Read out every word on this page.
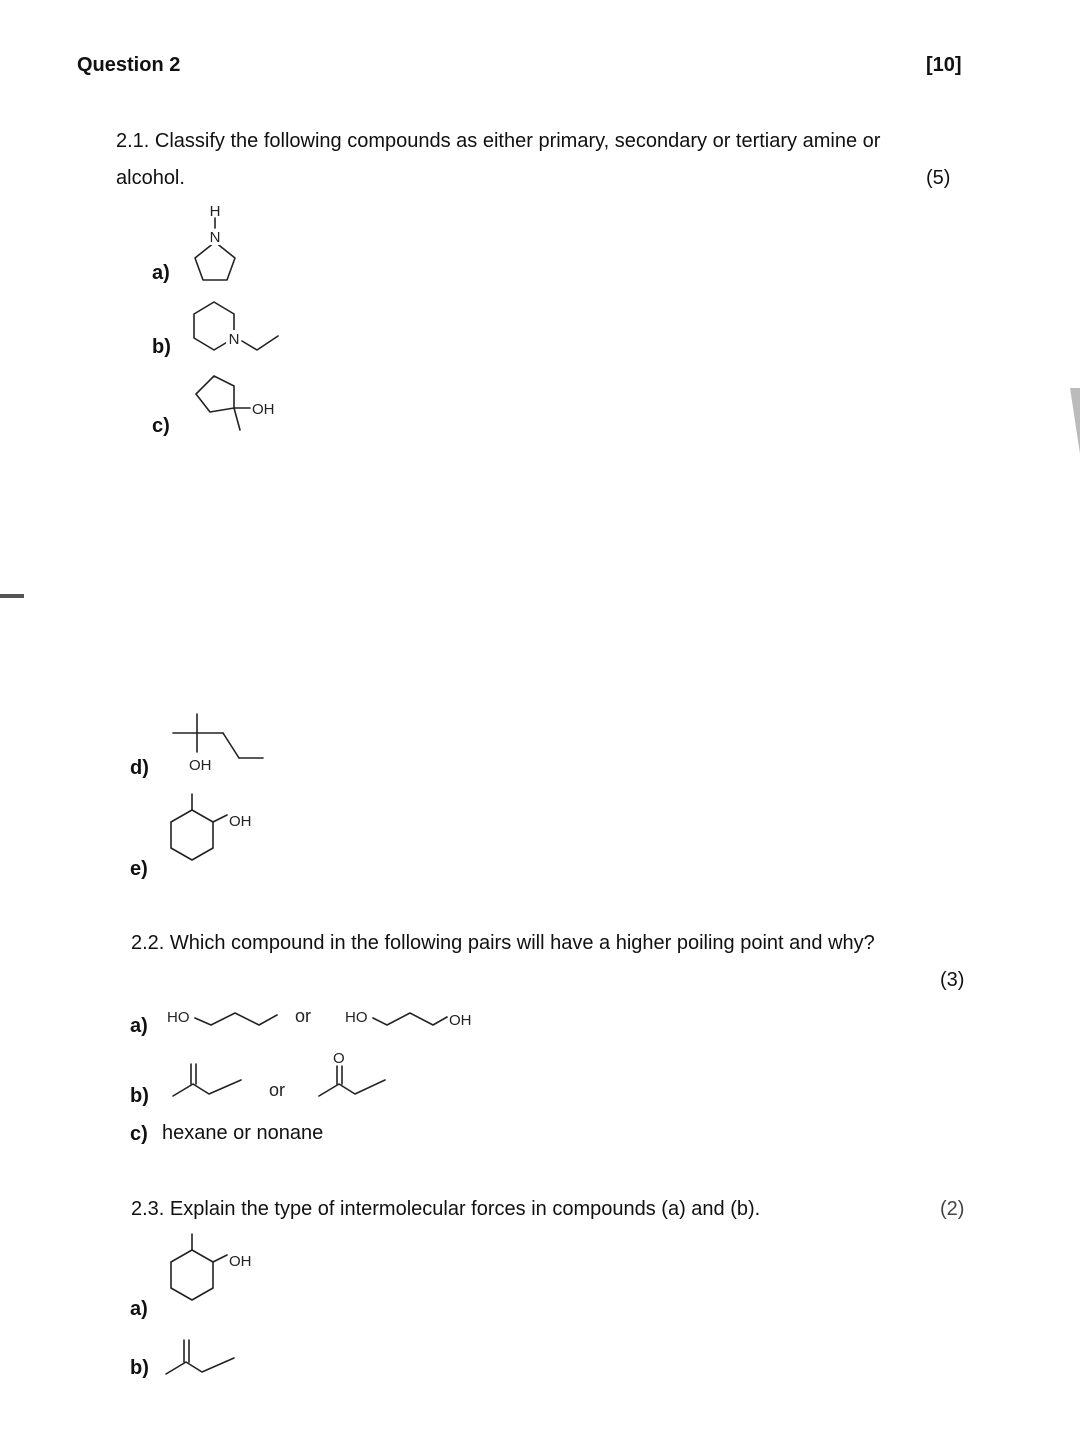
Question 2	[10]
2.1. Classify the following compounds as either primary, secondary or tertiary amine or
alcohol.	(5)
a)
H
N
b)	N
c)
OH
d)	OH
e)
OH
2.2. Which compound in the following pairs will have a higher poiling point and why?
(3)
a) HO	or HO	OH
b)	or
O
c) hexane or nonane
2.3. Explain the type of intermolecular forces in compounds (a) and (b).	(2)
a)
OH
b)
